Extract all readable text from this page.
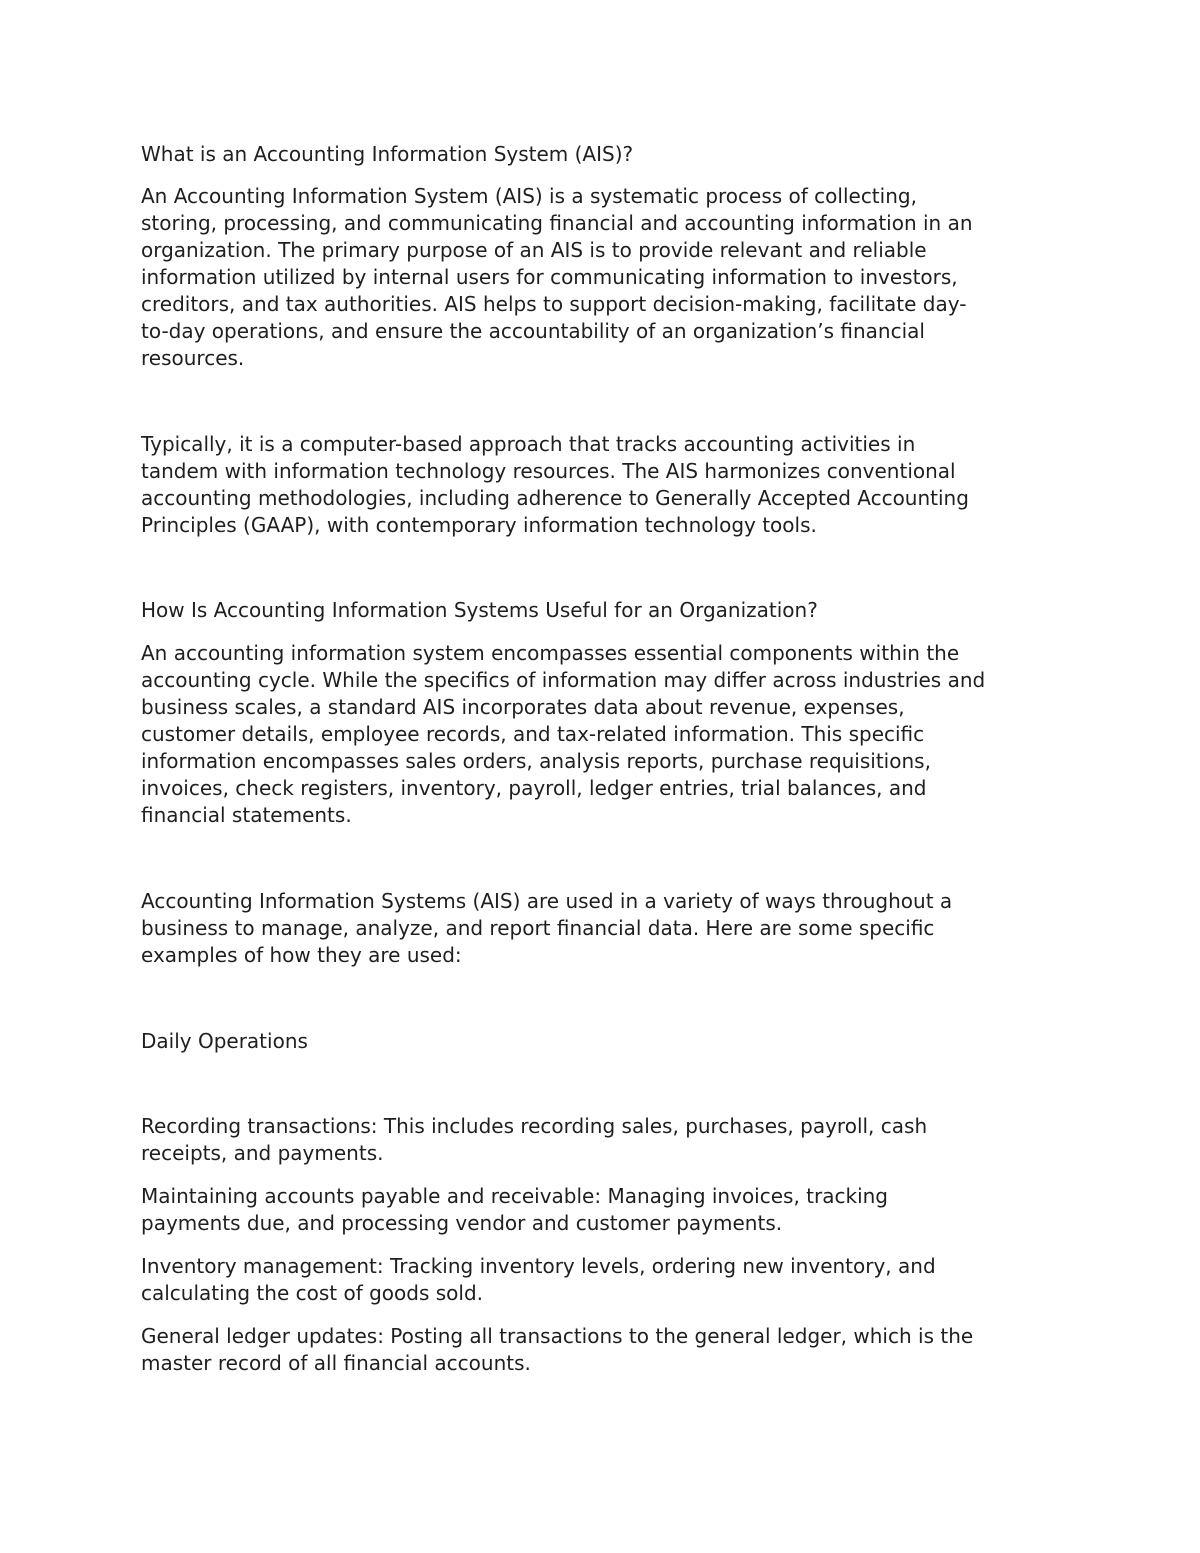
What is an Accounting Information System (AIS)?

An Accounting Information System (AIS) is a systematic process of collecting,
storing, processing, and communicating financial and accounting information in an
organization. The primary purpose of an AIS is to provide relevant and reliable
information utilized by internal users for communicating information to investors,
creditors, and tax authorities. AIS helps to support decision-making, facilitate day-
to-day operations, and ensure the accountability of an organization’s financial
resources.

Typically, it is a computer-based approach that tracks accounting activities in
tandem with information technology resources. The AIS harmonizes conventional
accounting methodologies, including adherence to Generally Accepted Accounting
Principles (GAAP), with contemporary information technology tools.

How Is Accounting Information Systems Useful for an Organization?

An accounting information system encompasses essential components within the
accounting cycle. While the specifics of information may differ across industries and
business scales, a standard AIS incorporates data about revenue, expenses,
customer details, employee records, and tax-related information. This specific
information encompasses sales orders, analysis reports, purchase requisitions,
invoices, check registers, inventory, payroll, ledger entries, trial balances, and
financial statements.

Accounting Information Systems (AIS) are used in a variety of ways throughout a
business to manage, analyze, and report financial data. Here are some specific
examples of how they are used:

Daily Operations

Recording transactions: This includes recording sales, purchases, payroll, cash
receipts, and payments.

Maintaining accounts payable and receivable: Managing invoices, tracking
payments due, and processing vendor and customer payments.

Inventory management: Tracking inventory levels, ordering new inventory, and
calculating the cost of goods sold.

General ledger updates: Posting all transactions to the general ledger, which is the
master record of all financial accounts.
